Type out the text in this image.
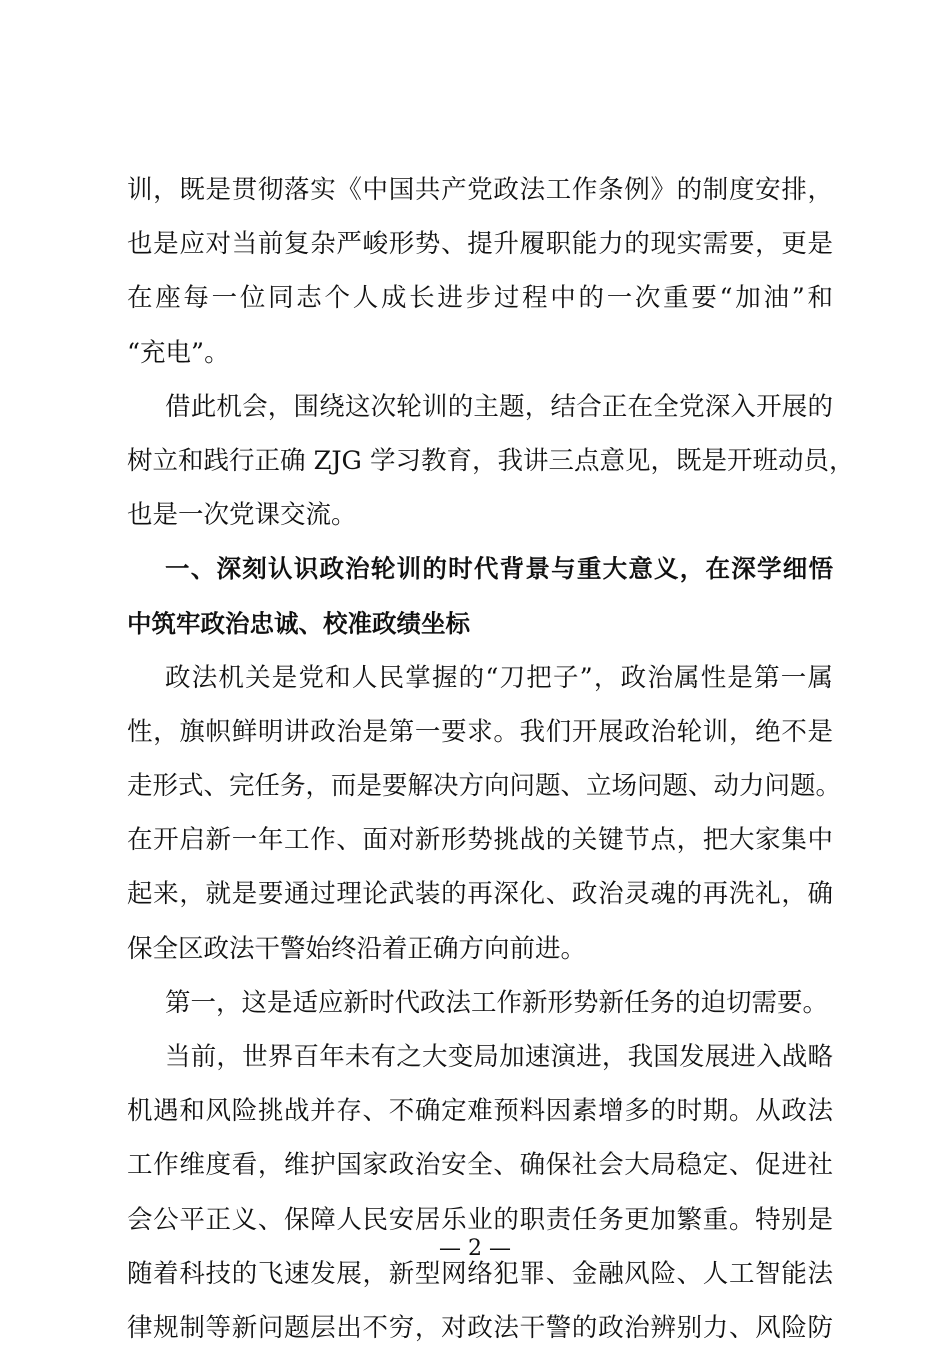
训，既是贯彻落实《中国共产党政法工作条例》的制度安排，
也是应对当前复杂严峻形势、提升履职能力的现实需要，更是
在座每一位同志个人成长进步过程中的一次重要“加油”和
“充电”。
借此机会，围绕这次轮训的主题，结合正在全党深入开展的
树立和践行正确 ZJG 学习教育，我讲三点意见，既是开班动员，
也是一次党课交流。
一、深刻认识政治轮训的时代背景与重大意义，在深学细悟
中筑牢政治忠诚、校准政绩坐标
政法机关是党和人民掌握的“刀把子”，政治属性是第一属
性，旗帜鲜明讲政治是第一要求。我们开展政治轮训，绝不是
走形式、完任务，而是要解决方向问题、立场问题、动力问题。
在开启新一年工作、面对新形势挑战的关键节点，把大家集中
起来，就是要通过理论武装的再深化、政治灵魂的再洗礼，确
保全区政法干警始终沿着正确方向前进。
第一，这是适应新时代政法工作新形势新任务的迫切需要。
当前，世界百年未有之大变局加速演进，我国发展进入战略
机遇和风险挑战并存、不确定难预料因素增多的时期。从政法
工作维度看，维护国家政治安全、确保社会大局稳定、促进社
会公平正义、保障人民安居乐业的职责任务更加繁重。特别是
随着科技的飞速发展，新型网络犯罪、金融风险、人工智能法
律规制等新问题层出不穷，对政法干警的政治辨别力、风险防
— 2 —
